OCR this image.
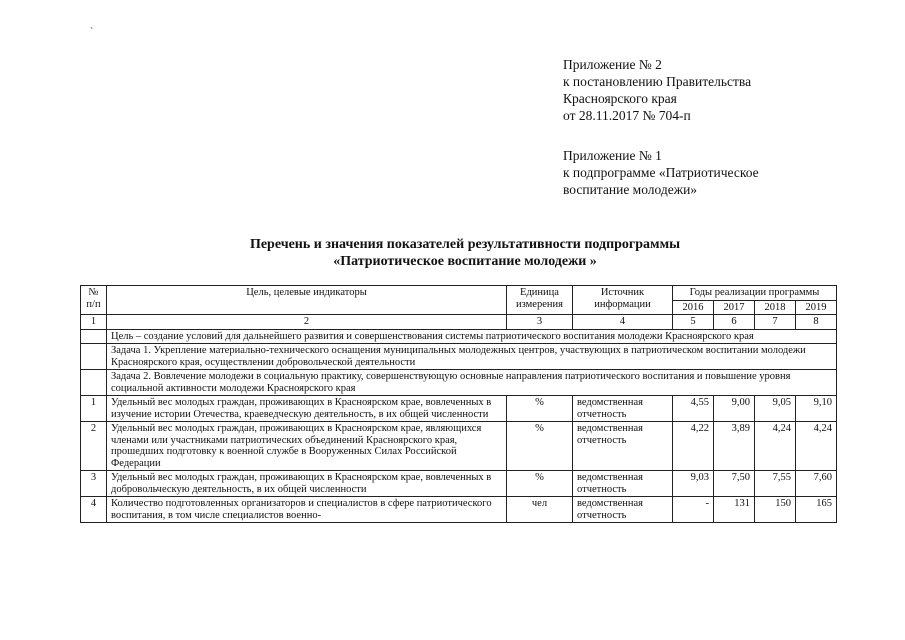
`
Приложение № 2
к постановлению Правительства
Красноярского края
от 28.11.2017 № 704-п
Приложение № 1
к подпрограмме «Патриотическое
воспитание молодежи»
Перечень и значения показателей результативности подпрограммы
«Патриотическое воспитание молодежи »
№ п/п	Цель, целевые индикаторы	Единица измерения	Источник информации	Годы реализации программы			
				2016	2017	2018	2019
1	2	3	4	5	6	7	8
	Цель – создание условий для дальнейшего развития и совершенствования системы патриотического воспитания молодежи Красноярского края						
	Задача 1. Укрепление материально-технического оснащения муниципальных молодежных центров, участвующих в патриотическом воспитании молодежи Красноярского края, осуществлении добровольческой деятельности						
	Задача 2. Вовлечение молодежи в социальную практику, совершенствующую основные направления патриотического воспитания и повышение уровня социальной активности молодежи Красноярского края						
1	Удельный вес молодых граждан, проживающих в Красноярском крае, вовлеченных в изучение истории Отечества, краеведческую деятельность, в их общей численности	%	ведомственная отчетность	4,55	9,00	9,05	9,10
2	Удельный вес молодых граждан, проживающих в Красноярском крае, являющихся членами или участниками патриотических объединений Красноярского края, прошедших подготовку к военной службе в Вооруженных Силах Российской Федерации	%	ведомственная отчетность	4,22	3,89	4,24	4,24
3	Удельный вес молодых граждан, проживающих в Красноярском крае, вовлеченных в добровольческую деятельность, в их общей численности	%	ведомственная отчетность	9,03	7,50	7,55	7,60
4	Количество подготовленных организаторов и специалистов в сфере патриотического воспитания, в том числе специалистов военно-	чел	ведомственная отчетность	-	131	150	165
